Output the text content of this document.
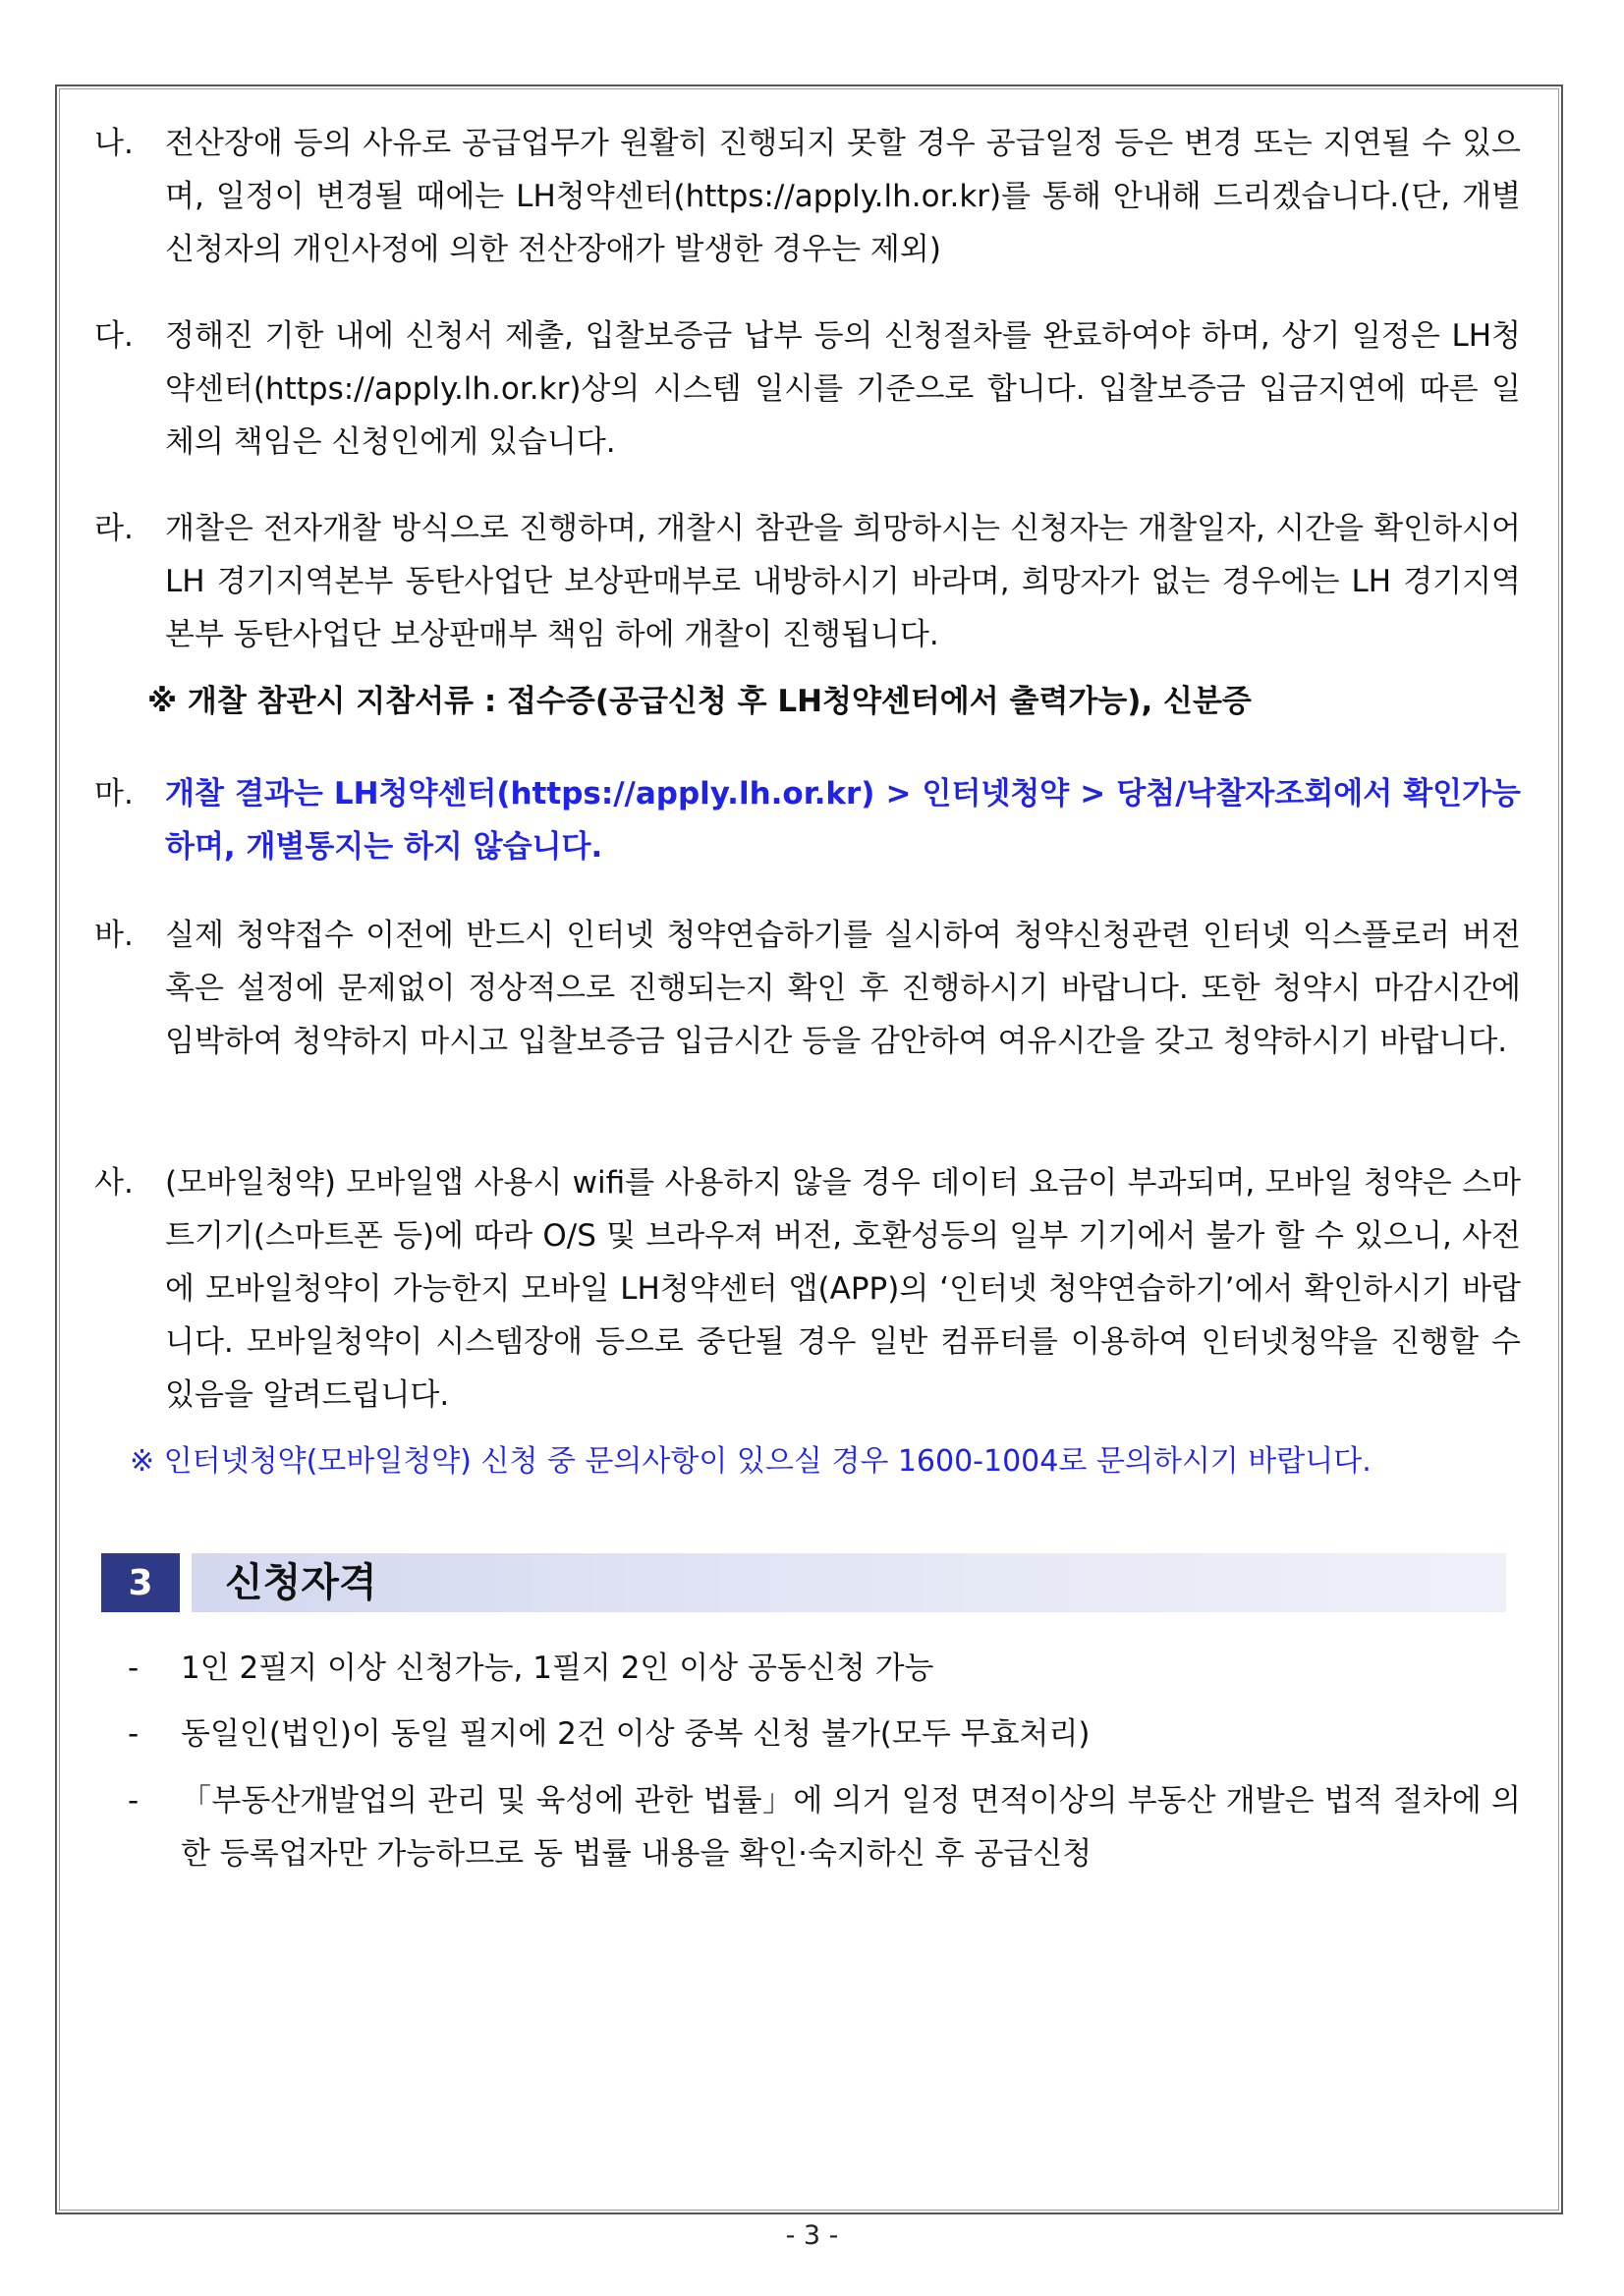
나.	전산장애 등의 사유로 공급업무가 원활히 진행되지 못할 경우 공급일정 등은 변경 또는 지연될 수 있으며, 일정이 변경될 때에는 LH청약센터(https://apply.lh.or.kr)를 통해 안내해 드리겠습니다.(단, 개별 신청자의 개인사정에 의한 전산장애가 발생한 경우는 제외)
다.	정해진 기한 내에 신청서 제출, 입찰보증금 납부 등의 신청절차를 완료하여야 하며, 상기 일정은 LH청약센터(https://apply.lh.or.kr)상의 시스템 일시를 기준으로 합니다. 입찰보증금 입금지연에 따른 일체의 책임은 신청인에게 있습니다.
라.	개찰은 전자개찰 방식으로 진행하며, 개찰시 참관을 희망하시는 신청자는 개찰일자, 시간을 확인하시어 LH 경기지역본부 동탄사업단 보상판매부로 내방하시기 바라며, 희망자가 없는 경우에는 LH 경기지역본부 동탄사업단 보상판매부 책임 하에 개찰이 진행됩니다.
※ 개찰 참관시 지참서류 : 접수증(공급신청 후 LH청약센터에서 출력가능), 신분증
마.	개찰 결과는 LH청약센터(https://apply.lh.or.kr) > 인터넷청약 > 당첨/낙찰자조회에서 확인가능하며, 개별통지는 하지 않습니다.
바.	실제 청약접수 이전에 반드시 인터넷 청약연습하기를 실시하여 청약신청관련 인터넷 익스플로러 버전 혹은 설정에 문제없이 정상적으로 진행되는지 확인 후 진행하시기 바랍니다. 또한 청약시 마감시간에 임박하여 청약하지 마시고 입찰보증금 입금시간 등을 감안하여 여유시간을 갖고 청약하시기 바랍니다.
사.	(모바일청약) 모바일앱 사용시 wifi를 사용하지 않을 경우 데이터 요금이 부과되며, 모바일 청약은 스마트기기(스마트폰 등)에 따라 O/S 및 브라우져 버전, 호환성등의 일부 기기에서 불가 할 수 있으니, 사전에 모바일청약이 가능한지 모바일 LH청약센터 앱(APP)의 ‘인터넷 청약연습하기’에서 확인하시기 바랍니다. 모바일청약이 시스템장애 등으로 중단될 경우 일반 컴퓨터를 이용하여 인터넷청약을 진행할 수 있음을 알려드립니다.
※ 인터넷청약(모바일청약) 신청 중 문의사항이 있으실 경우 1600-1004로 문의하시기 바랍니다.
3	신청자격
-	1인 2필지 이상 신청가능, 1필지 2인 이상 공동신청 가능
-	동일인(법인)이 동일 필지에 2건 이상 중복 신청 불가(모두 무효처리)
-	「부동산개발업의 관리 및 육성에 관한 법률」에 의거 일정 면적이상의 부동산 개발은 법적 절차에 의한 등록업자만 가능하므로 동 법률 내용을 확인·숙지하신 후 공급신청
- 3 -
